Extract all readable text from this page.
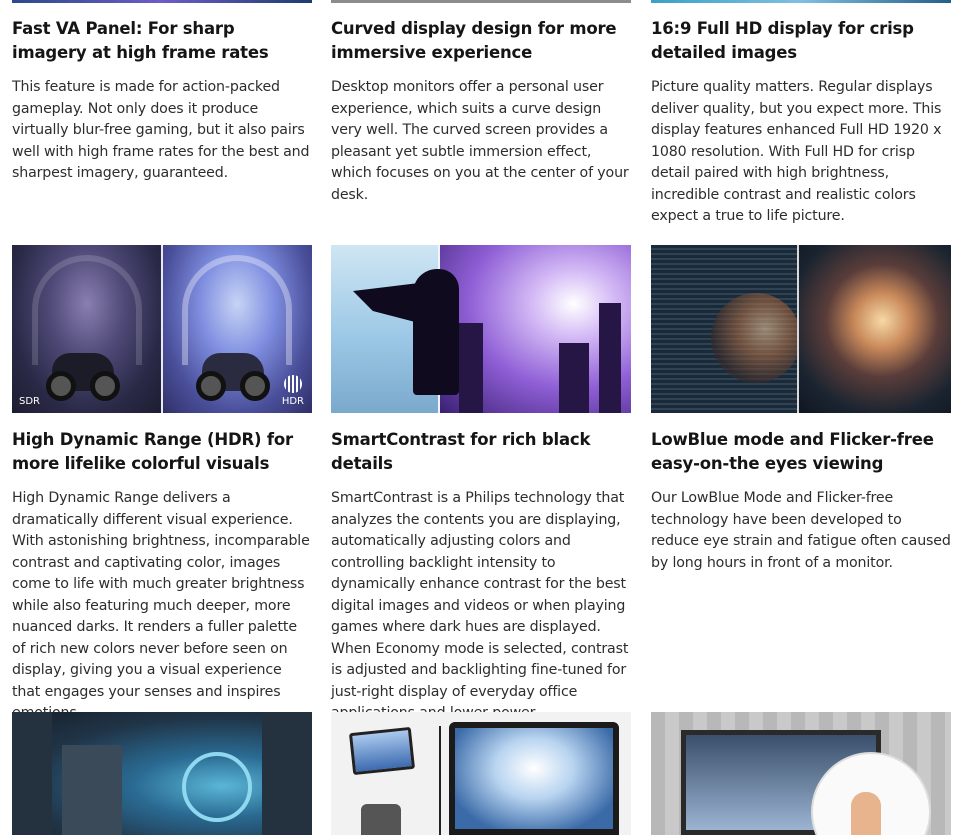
Fast VA Panel: For sharp imagery at high frame rates

This feature is made for action-packed gameplay. Not only does it produce virtually blur-free gaming, but it also pairs well with high frame rates for the best and sharpest imagery, guaranteed.

Curved display design for more immersive experience

Desktop monitors offer a personal user experience, which suits a curve design very well. The curved screen provides a pleasant yet subtle immersion effect, which focuses on you at the center of your desk.

16:9 Full HD display for crisp detailed images

Picture quality matters. Regular displays deliver quality, but you expect more. This display features enhanced Full HD 1920 x 1080 resolution. With Full HD for crisp detail paired with high brightness, incredible contrast and realistic colors expect a true to life picture.

SDR	HDR
High Dynamic Range (HDR) for more lifelike colorful visuals

High Dynamic Range delivers a dramatically different visual experience. With astonishing brightness, incomparable contrast and captivating color, images come to life with much greater brightness while also featuring much deeper, more nuanced darks. It renders a fuller palette of rich new colors never before seen on display, giving you a visual experience that engages your senses and inspires

SmartContrast for rich black details

SmartContrast is a Philips technology that analyzes the contents you are displaying, automatically adjusting colors and controlling backlight intensity to dynamically enhance contrast for the best digital images and videos or when playing games where dark hues are displayed. When Economy mode is selected, contrast is adjusted and backlighting fine-tuned for just-right display of everyday office

LowBlue mode and Flicker-free easy-on-the eyes viewing

Our LowBlue Mode and Flicker-free technology have been developed to reduce eye strain and fatigue often caused by long hours in front of a monitor.
